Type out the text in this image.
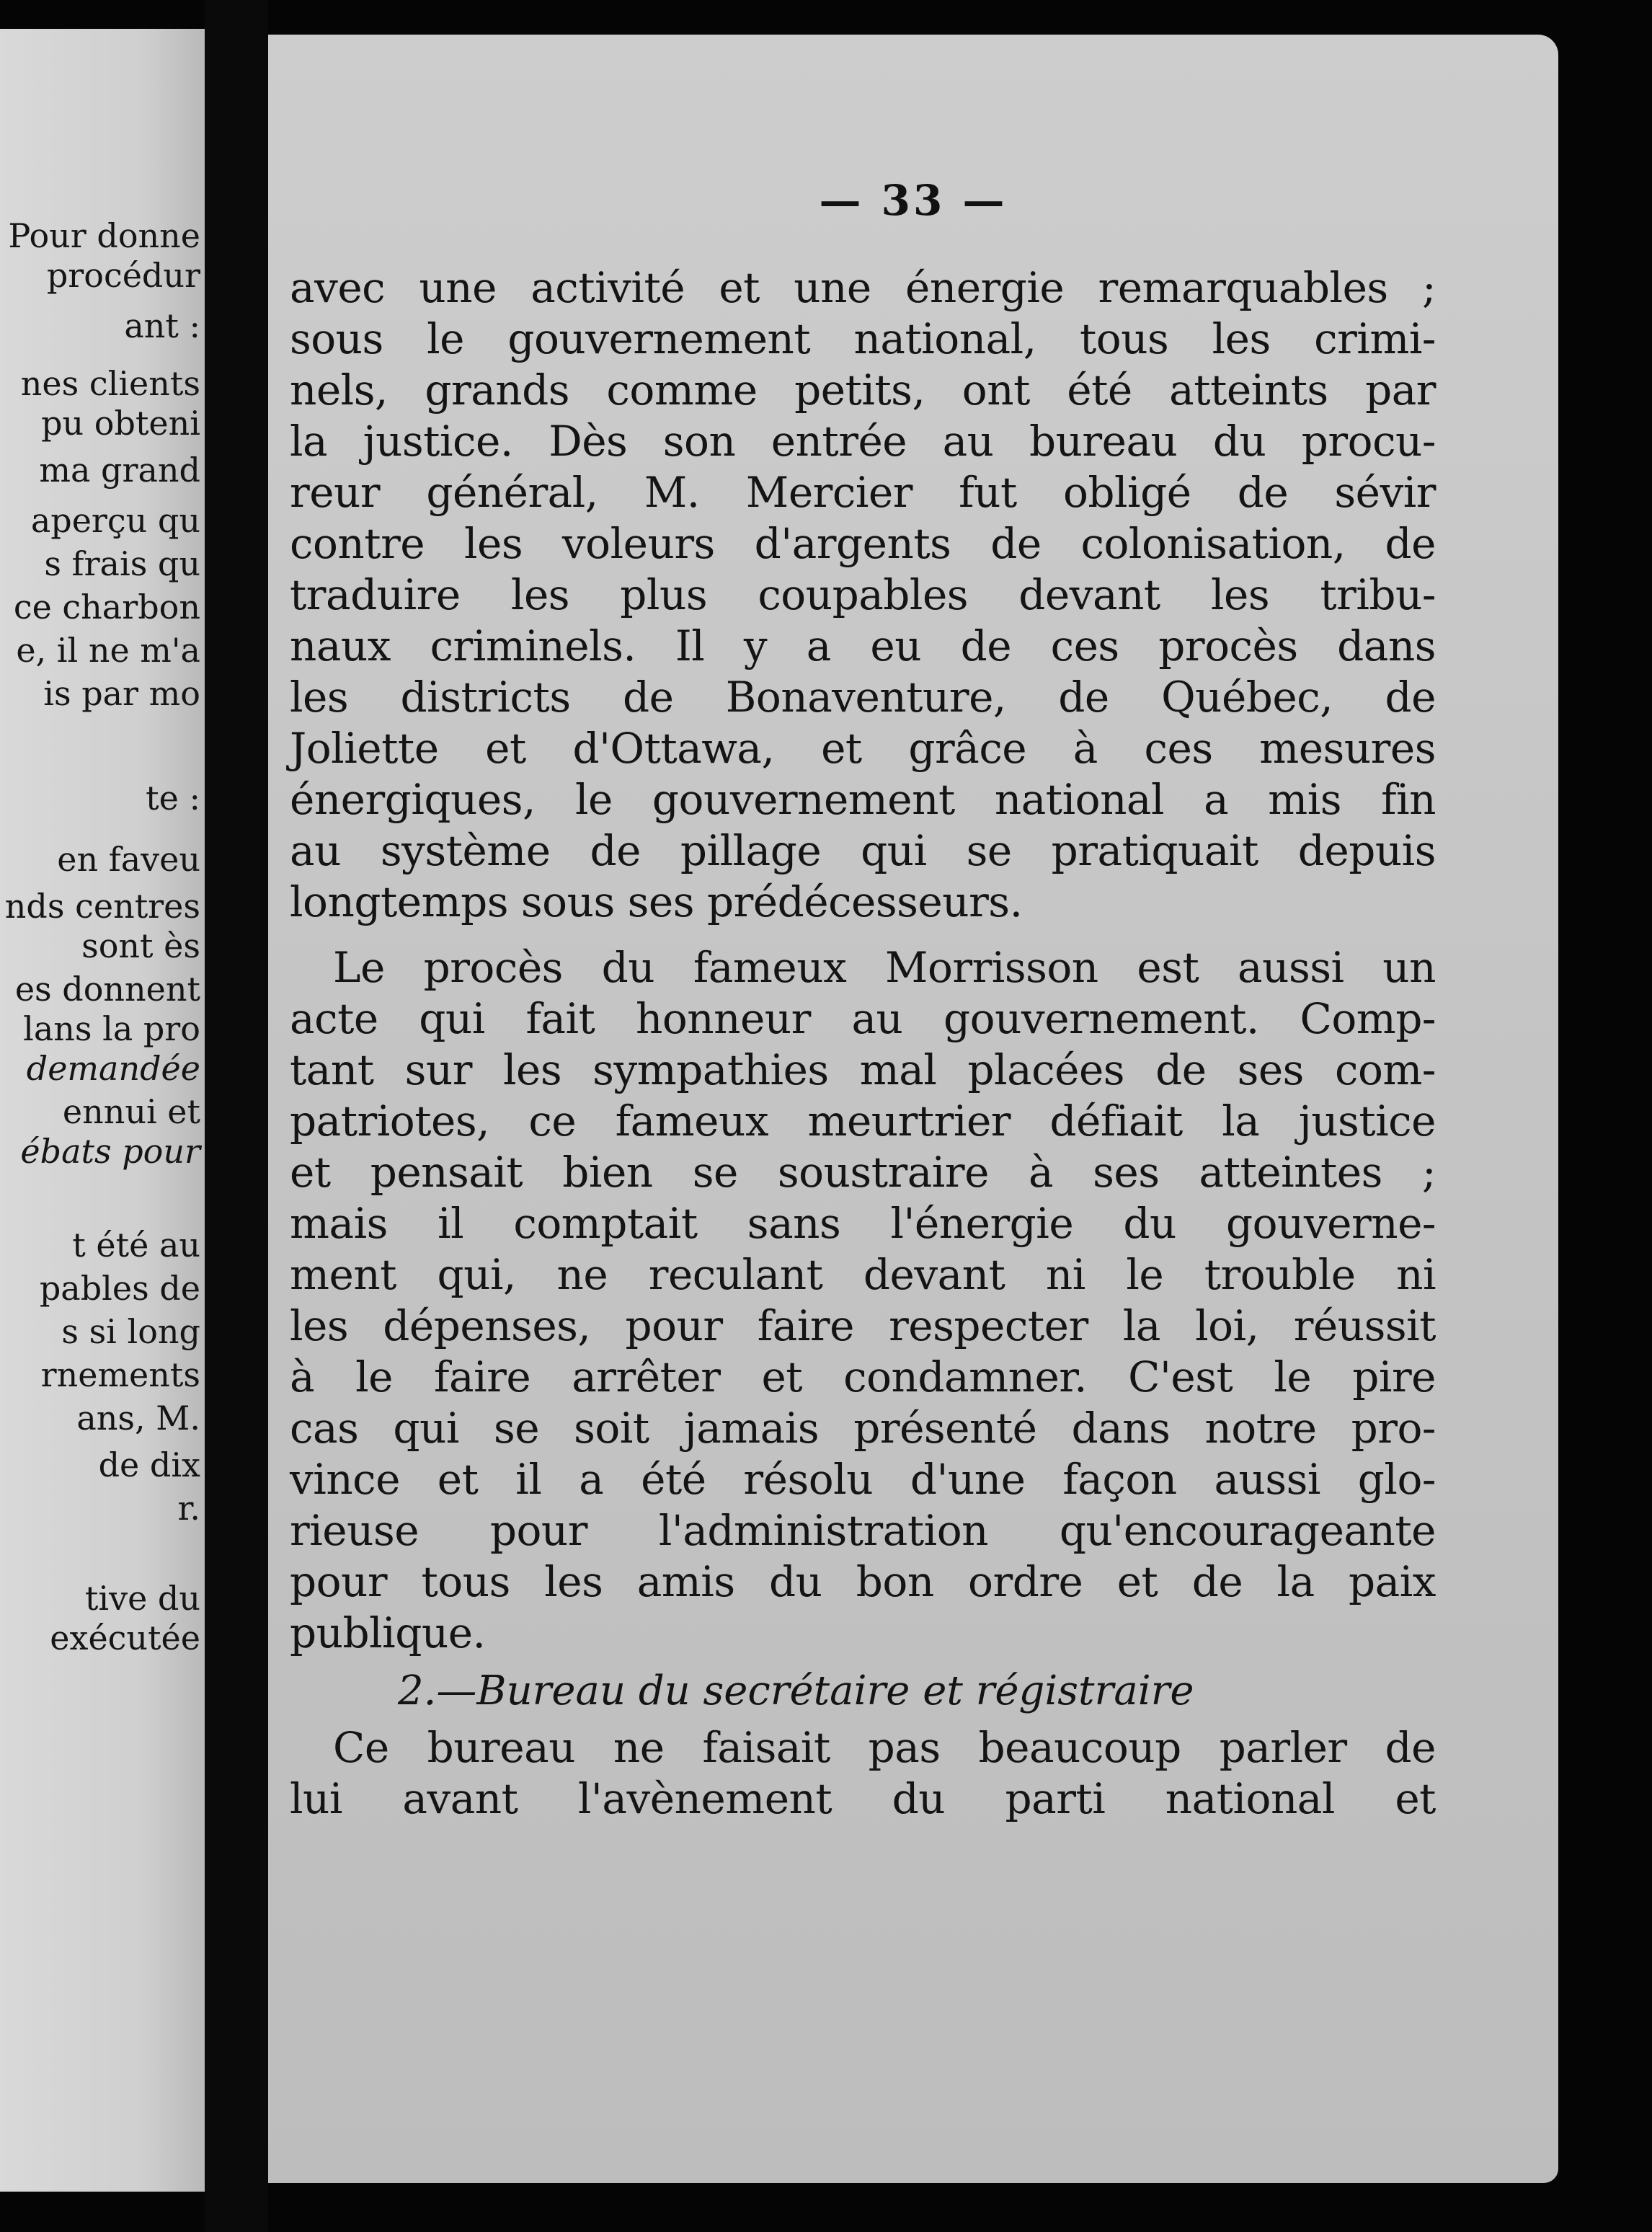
Pour donne
procédur
ant :
nes clients
pu obteni
ma grand
aperçu qu
s frais qu
ce charbon
e, il ne m'a
is par mo
te :
en faveu
nds centres
sont ès
es donnent
lans la pro
demandée
ennui et
ébats pour
t été au
pables de
s si long
rnements
ans, M.
de dix
r.
tive du
exécutée
— 33 —
avec une activité et une énergie remarquables ;
sous le gouvernement national, tous les crimi-
nels, grands comme petits, ont été atteints par
la justice. Dès son entrée au bureau du procu-
reur général, M. Mercier fut obligé de sévir
contre les voleurs d'argents de colonisation, de
traduire les plus coupables devant les tribu-
naux criminels. Il y a eu de ces procès dans
les districts de Bonaventure, de Québec, de
Joliette et d'Ottawa, et grâce à ces mesures
énergiques, le gouvernement national a mis fin
au système de pillage qui se pratiquait depuis
longtemps sous ses prédécesseurs.
Le procès du fameux Morrisson est aussi un
acte qui fait honneur au gouvernement. Comp-
tant sur les sympathies mal placées de ses com-
patriotes, ce fameux meurtrier défiait la justice
et pensait bien se soustraire à ses atteintes ;
mais il comptait sans l'énergie du gouverne-
ment qui, ne reculant devant ni le trouble ni
les dépenses, pour faire respecter la loi, réussit
à le faire arrêter et condamner. C'est le pire
cas qui se soit jamais présenté dans notre pro-
vince et il a été résolu d'une façon aussi glo-
rieuse pour l'administration qu'encourageante
pour tous les amis du bon ordre et de la paix
publique.
2.—Bureau du secrétaire et régistraire
Ce bureau ne faisait pas beaucoup parler de
lui avant l'avènement du parti national et
